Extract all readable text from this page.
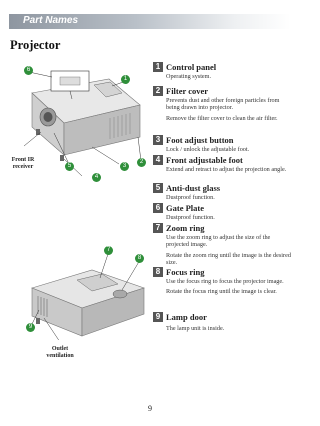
Part Names
Projector
6
1
5
4
3
2
Front IR
receiver
7
8
9
Outlet
ventilation
1 Control panel
Operating system.
2 Filter cover
Prevents dust and other foreign particles from being drawn into projector.
Remove the filter cover to clean the air filter.
3 Foot adjust button
Lock / unlock the adjustable foot.
4 Front adjustable foot
Extend and retract to adjust the projection angle.
5 Anti-dust glass
Dustproof function.
6 Gate Plate
Dustproof function.
7 Zoom ring
Use the zoom ring to adjust the size of the projected image.
Rotate the zoom ring until the image is the desired size.
8 Focus ring
Use the focus ring to focus the projector image.
Rotate the focus ring until the image is clear.
9 Lamp door
The lamp unit is inside.
9
